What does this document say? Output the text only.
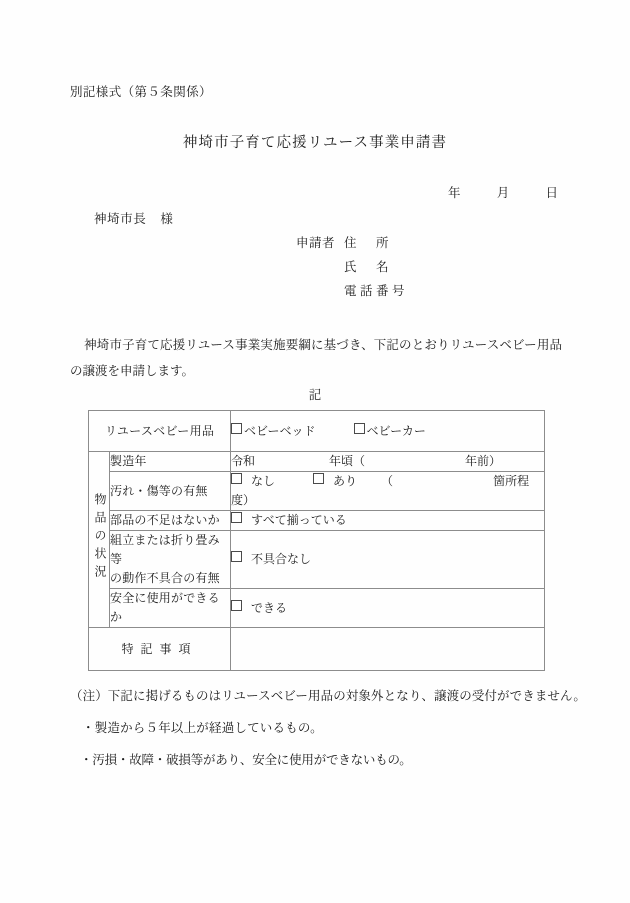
別記様式（第５条関係）
神埼市子育て応援リユース事業申請書
年	月	日
神埼市長 様
申請者 住　所
氏　名
電話番号
神埼市子育て応援リユース事業実施要綱に基づき、下記のとおりリユースベビー用品の譲渡を申請します。
記
リユースベビー用品		ベビーベッド ベビーカー
物品の状況	製造年	令和 年頃（ 年前）
	汚れ・傷等の有無	なし あり （ 箇所程度）
	部品の不足はないか	すべて揃っている

	組立または折り畳み等
の動作不具合の有無	不具合なし
	安全に使用ができるか	できる
特記事項		
（注）下記に掲げるものはリユースベビー用品の対象外となり、譲渡の受付ができません。
・製造から５年以上が経過しているもの。
・汚損・故障・破損等があり、安全に使用ができないもの。
